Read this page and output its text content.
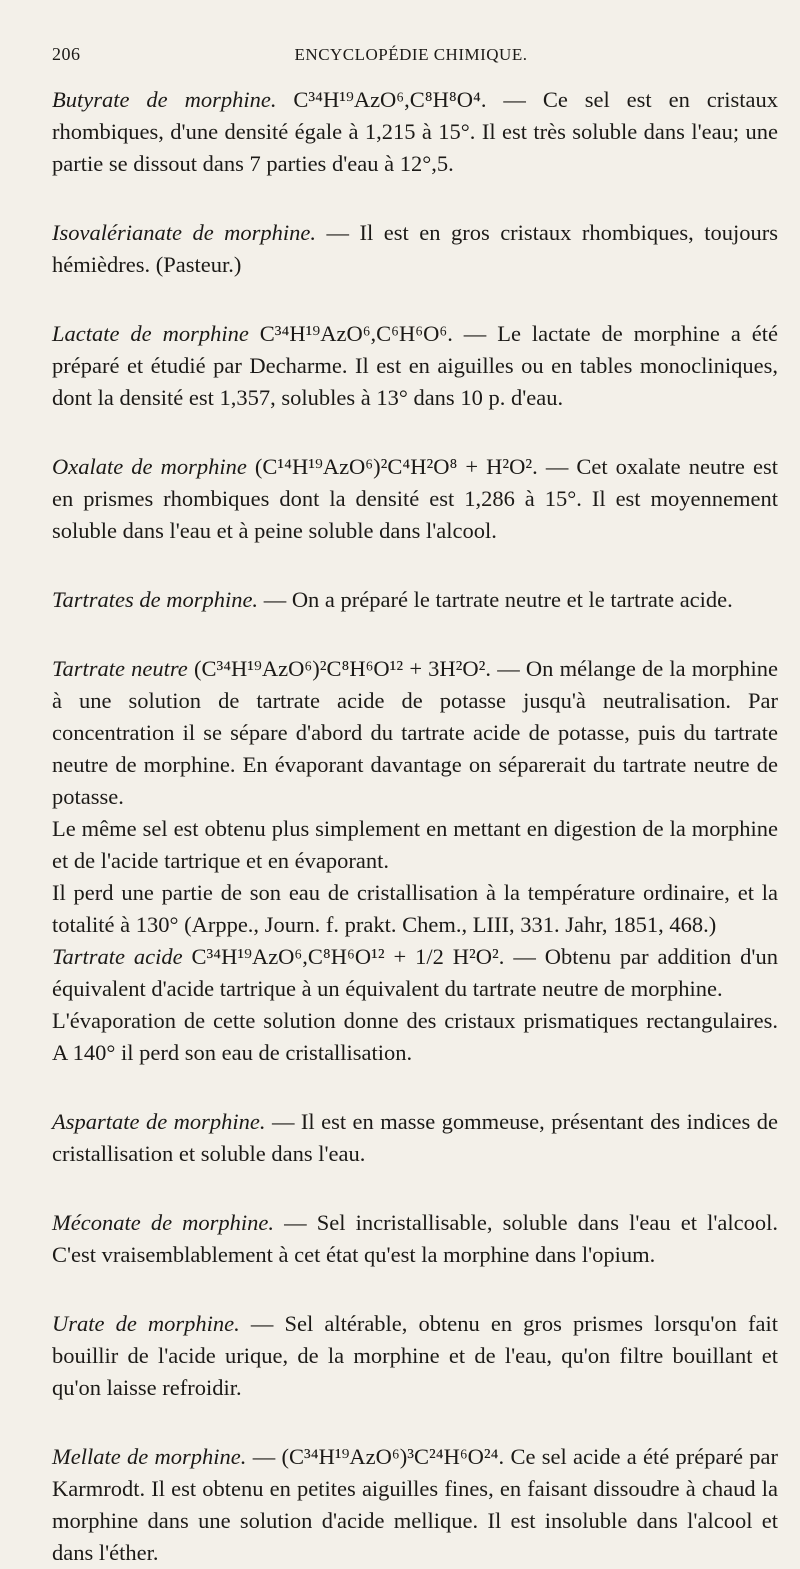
206	ENCYCLOPÉDIE CHIMIQUE.

Butyrate de morphine. C³⁴H¹⁹AzO⁶,C⁸H⁸O⁴. — Ce sel est en cristaux rhombiques, d'une densité égale à 1,215 à 15°. Il est très soluble dans l'eau; une partie se dissout dans 7 parties d'eau à 12°,5.

Isovalérianate de morphine. — Il est en gros cristaux rhombiques, toujours hémièdres. (Pasteur.)

Lactate de morphine C³⁴H¹⁹AzO⁶,C⁶H⁶O⁶. — Le lactate de morphine a été préparé et étudié par Decharme. Il est en aiguilles ou en tables monocliniques, dont la densité est 1,357, solubles à 13° dans 10 p. d'eau.

Oxalate de morphine (C¹⁴H¹⁹AzO⁶)²C⁴H²O⁸ + H²O². — Cet oxalate neutre est en prismes rhombiques dont la densité est 1,286 à 15°. Il est moyennement soluble dans l'eau et à peine soluble dans l'alcool.

Tartrates de morphine. — On a préparé le tartrate neutre et le tartrate acide.

Tartrate neutre (C³⁴H¹⁹AzO⁶)²C⁸H⁶O¹² + 3H²O². — On mélange de la morphine à une solution de tartrate acide de potasse jusqu'à neutralisation. Par concentration il se sépare d'abord du tartrate acide de potasse, puis du tartrate neutre de morphine. En évaporant davantage on séparerait du tartrate neutre de potasse.

Le même sel est obtenu plus simplement en mettant en digestion de la morphine et de l'acide tartrique et en évaporant.

Il perd une partie de son eau de cristallisation à la température ordinaire, et la totalité à 130° (Arppe., Journ. f. prakt. Chem., LIII, 331. Jahr, 1851, 468.)

Tartrate acide C³⁴H¹⁹AzO⁶,C⁸H⁶O¹² + 1/2 H²O². — Obtenu par addition d'un équivalent d'acide tartrique à un équivalent du tartrate neutre de morphine.

L'évaporation de cette solution donne des cristaux prismatiques rectangulaires. A 140° il perd son eau de cristallisation.

Aspartate de morphine. — Il est en masse gommeuse, présentant des indices de cristallisation et soluble dans l'eau.

Méconate de morphine. — Sel incristallisable, soluble dans l'eau et l'alcool. C'est vraisemblablement à cet état qu'est la morphine dans l'opium.

Urate de morphine. — Sel altérable, obtenu en gros prismes lorsqu'on fait bouillir de l'acide urique, de la morphine et de l'eau, qu'on filtre bouillant et qu'on laisse refroidir.

Mellate de morphine. — (C³⁴H¹⁹AzO⁶)³C²⁴H⁶O²⁴. Ce sel acide a été préparé par Karmrodt. Il est obtenu en petites aiguilles fines, en faisant dissoudre à chaud la morphine dans une solution d'acide mellique. Il est insoluble dans l'alcool et dans l'éther.
